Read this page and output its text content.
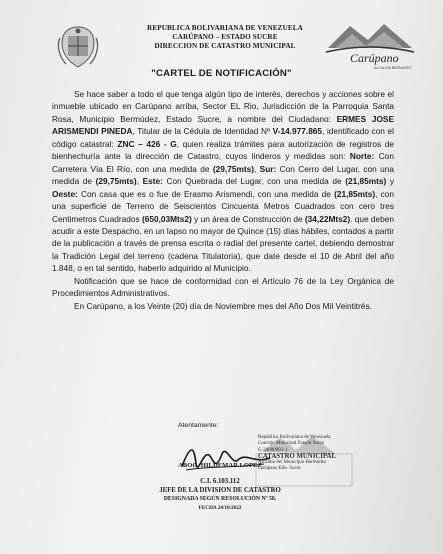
REPUBLICA BOLIVARIANA DE VENEZUELA
CARÚPANO – ESTADO SUCRE
DIRECCION DE CATASTRO MUNICIPAL
Carúpano
ALCALDIA BERMUDEZ
"CARTEL DE NOTIFICACIÓN"

Se hace saber a todo el que tenga algún tipo de interés, derechos y acciones sobre el inmueble ubicado en Carúpano arriba, Sector EL Rio, Jurisdicción de la Parroquia Santa Rosa, Municipio Bermúdez, Estado Sucre, a nombre del Ciudadano: ERMES JOSE ARISMENDI PINEDA, Titular de la Cédula de Identidad Nº V-14.977.865, identificado con el código catastral: ZNC – 426 - G, quien realiza trámites para autorización de registros de bienhechuría ante la dirección de Catastro, cuyos linderos y medidas son: Norte: Con Carretera Vía El Río, con una medida de (29,75mts), Sur: Con Cerro del Lugar, con una medida de (29,75mts), Este: Con Quebrada del Lugar, con una medida de (21,85mts) y Oeste: Con casa que es o fue de Erasmo Arismendi, con una medida de (21,85mts), con una superficie de Terreno de Seiscientos Cincuenta Metros Cuadrados con cero tres Centimetros Cuadrados (650,03Mts2) y un área de Construcción de (34,22Mts2). que deben acudir a este Despacho, en un lapso no mayor de Quince (15) días hábiles, contados a partir de la publicación a través de prensa escrita o radial del presente cartel, debiendo demostrar la Tradición Legal del terreno (cadena Titulatoria), que date desde el 10 de Abril del año 1.848, o en tal sentido, haberlo adquirido al Municipio.

Notificación que se hace de conformidad con el Artículo 76 de la Ley Orgánica de Procedimientos Administrativos.

En Carúpano, a los Veinte (20) día de Noviembre mes del Año Dos Mil Veintitrés.

Atentamente:
República Bolivariana de Venezuela
Concejo Municipal Estado Sucre
G-20000992-1
CATASTRO MUNICIPAL
Alcaldía del Municipio Bermúdez
Carúpano Edo. Sucre
ABOG. HILDEMAR LOPEZ
C.I. 6.103.112
JEFE DE LA DIVISION DE CATASTRO
DESIGNADA SEGÚN RESOLUCIÓN Nº 58.
FECHA 24/10/2022
